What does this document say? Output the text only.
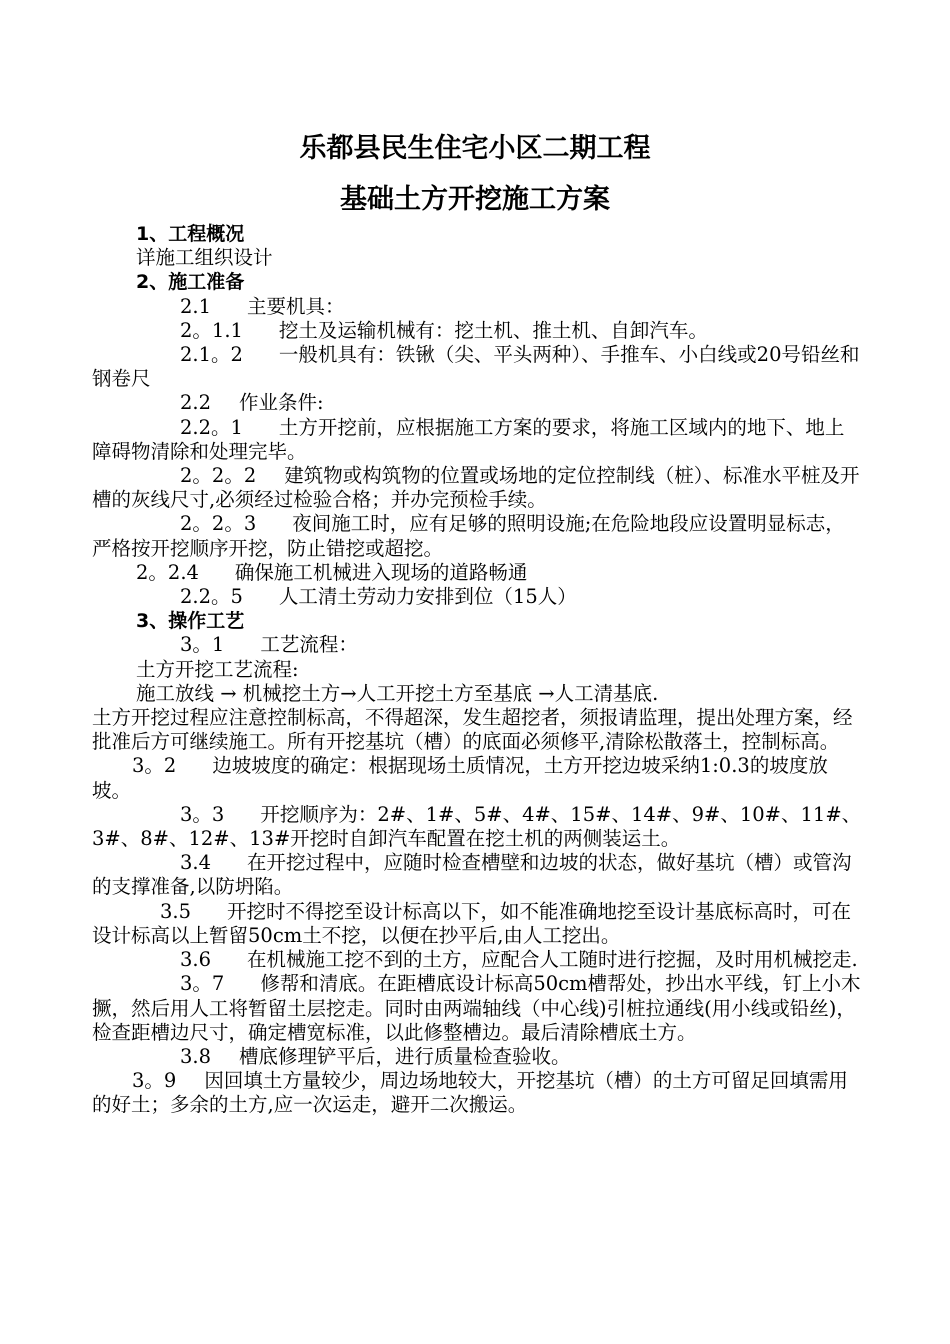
乐都县民生住宅小区二期工程
基础土方开挖施工方案

1、工程概况

详施工组织设计

2、施工准备

2.1 主要机具：

2。1.1 挖土及运输机械有：挖土机、推土机、自卸汽车。

2.1。2 一般机具有：铁锹（尖、平头两种）、手推车、小白线或20号铅丝和钢卷尺

2.2 作业条件:

2.2。1 土方开挖前，应根据施工方案的要求，将施工区域内的地下、地上障碍物清除和处理完毕。

2。2。2 建筑物或构筑物的位置或场地的定位控制线（桩）、标准水平桩及开槽的灰线尺寸,必须经过检验合格；并办完预检手续。

2。2。3 夜间施工时，应有足够的照明设施;在危险地段应设置明显标志，严格按开挖顺序开挖，防止错挖或超挖。

2。2.4 确保施工机械进入现场的道路畅通

2.2。5 人工清土劳动力安排到位（15人）

3、操作工艺

3。1 工艺流程：

土方开挖工艺流程:

施工放线 → 机械挖土方→人工开挖土方至基底 →人工清基底.

土方开挖过程应注意控制标高，不得超深，发生超挖者，须报请监理，提出处理方案，经批准后方可继续施工。所有开挖基坑（槽）的底面必须修平,清除松散落土，控制标高。

3。2 边坡坡度的确定：根据现场土质情况，土方开挖边坡采纳1:0.3的坡度放坡。

3。3 开挖顺序为：2#、1#、5#、4#、15#、14#、9#、10#、11#、3#、8#、12#、13#开挖时自卸汽车配置在挖土机的两侧装运土。

3.4 在开挖过程中，应随时检查槽壁和边坡的状态，做好基坑（槽）或管沟的支撑准备,以防坍陷。

3.5 开挖时不得挖至设计标高以下，如不能准确地挖至设计基底标高时，可在设计标高以上暂留50cm土不挖，以便在抄平后,由人工挖出。

3.6 在机械施工挖不到的土方，应配合人工随时进行挖掘，及时用机械挖走.

3。7 修帮和清底。在距槽底设计标高50cm槽帮处，抄出水平线，钉上小木撅，然后用人工将暂留土层挖走。同时由两端轴线（中心线)引桩拉通线(用小线或铅丝)，检查距槽边尺寸，确定槽宽标准，以此修整槽边。最后清除槽底土方。

3.8 槽底修理铲平后，进行质量检查验收。

3。9 因回填土方量较少，周边场地较大，开挖基坑（槽）的土方可留足回填需用的好土；多余的土方,应一次运走，避开二次搬运。
